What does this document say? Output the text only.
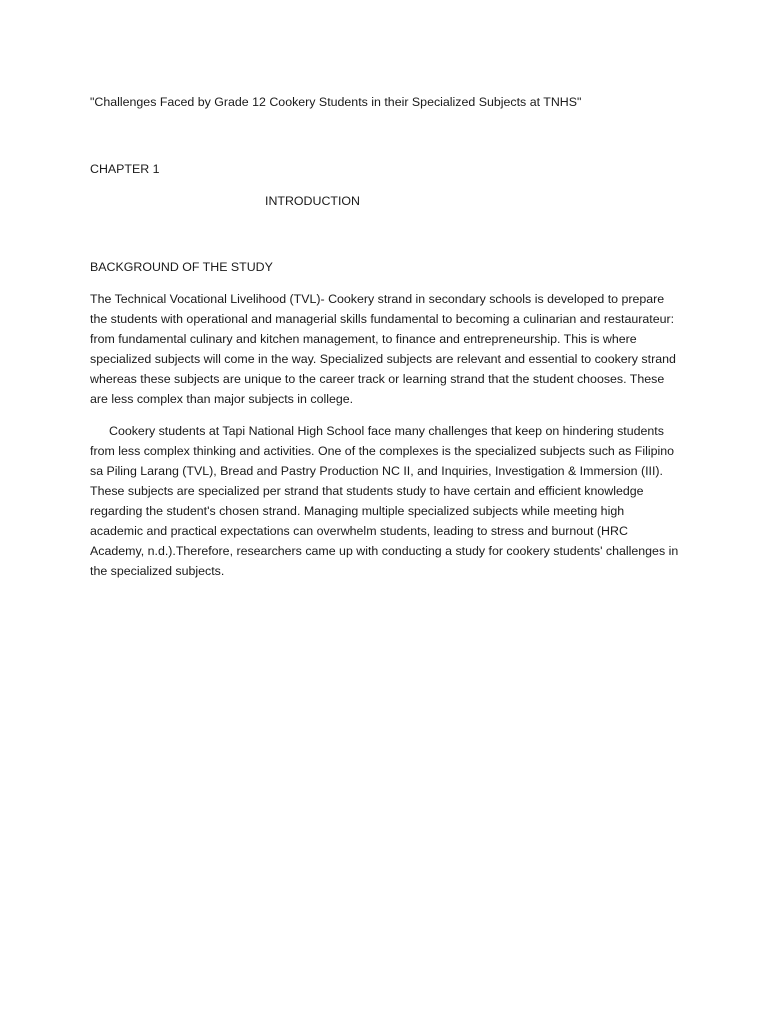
"Challenges Faced by Grade 12 Cookery Students in their Specialized Subjects at TNHS"

CHAPTER 1

INTRODUCTION

BACKGROUND OF THE STUDY

The Technical Vocational Livelihood (TVL)- Cookery strand in secondary schools is developed to prepare the students with operational and managerial skills fundamental to becoming a culinarian and restaurateur: from fundamental culinary and kitchen management, to finance and entrepreneurship. This is where specialized subjects will come in the way. Specialized subjects are relevant and essential to cookery strand whereas these subjects are unique to the career track or learning strand that the student chooses. These are less complex than major subjects in college.

Cookery students at Tapi National High School face many challenges that keep on hindering students from less complex thinking and activities. One of the complexes is the specialized subjects such as Filipino sa Piling Larang (TVL), Bread and Pastry Production NC II, and Inquiries, Investigation & Immersion (III). These subjects are specialized per strand that students study to have certain and efficient knowledge regarding the student's chosen strand. Managing multiple specialized subjects while meeting high academic and practical expectations can overwhelm students, leading to stress and burnout (HRC Academy, n.d.).Therefore, researchers came up with conducting a study for cookery students' challenges in the specialized subjects.
